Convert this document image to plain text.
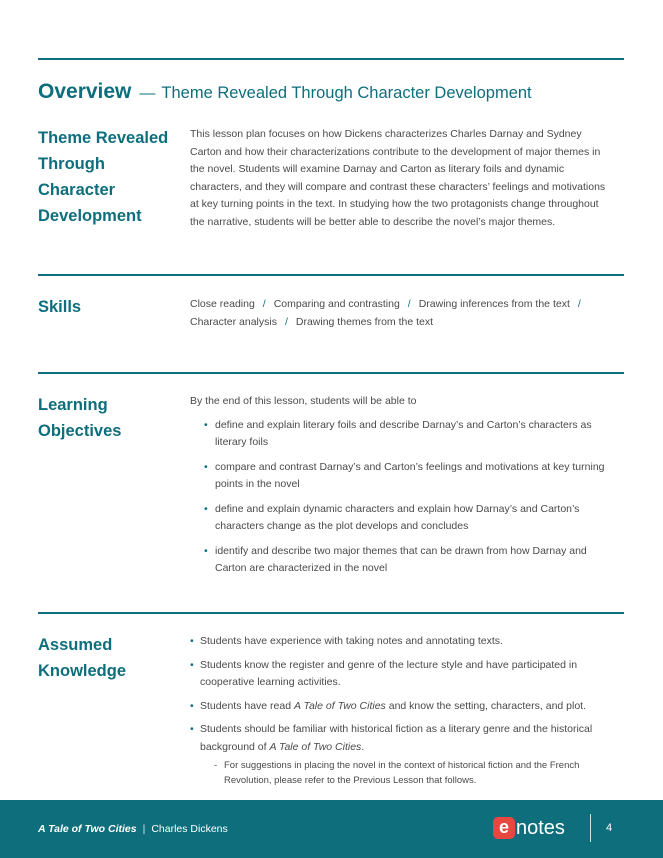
Overview — Theme Revealed Through Character Development
Theme Revealed Through Character Development
This lesson plan focuses on how Dickens characterizes Charles Darnay and Sydney Carton and how their characterizations contribute to the development of major themes in the novel. Students will examine Darnay and Carton as literary foils and dynamic characters, and they will compare and contrast these characters’ feelings and motivations at key turning points in the text. In studying how the two protagonists change throughout the narrative, students will be better able to describe the novel’s major themes.
Skills	Close reading / Comparing and contrasting / Drawing inferences from the text /
Character analysis / Drawing themes from the text
Learning Objectives
By the end of this lesson, students will be able to
• define and explain literary foils and describe Darnay’s and Carton’s characters as literary foils
• compare and contrast Darnay’s and Carton’s feelings and motivations at key turning points in the novel
• define and explain dynamic characters and explain how Darnay’s and Carton’s characters change as the plot develops and concludes
• identify and describe two major themes that can be drawn from how Darnay and Carton are characterized in the novel
Assumed Knowledge
• Students have experience with taking notes and annotating texts.
• Students know the register and genre of the lecture style and have participated in cooperative learning activities.
• Students have read A Tale of Two Cities and know the setting, characters, and plot.
• Students should be familiar with historical fiction as a literary genre and the historical background of A Tale of Two Cities.
- For suggestions in placing the novel in the context of historical fiction and the French Revolution, please refer to the Previous Lesson that follows.
A Tale of Two Cities | Charles Dickens	e notes	4
